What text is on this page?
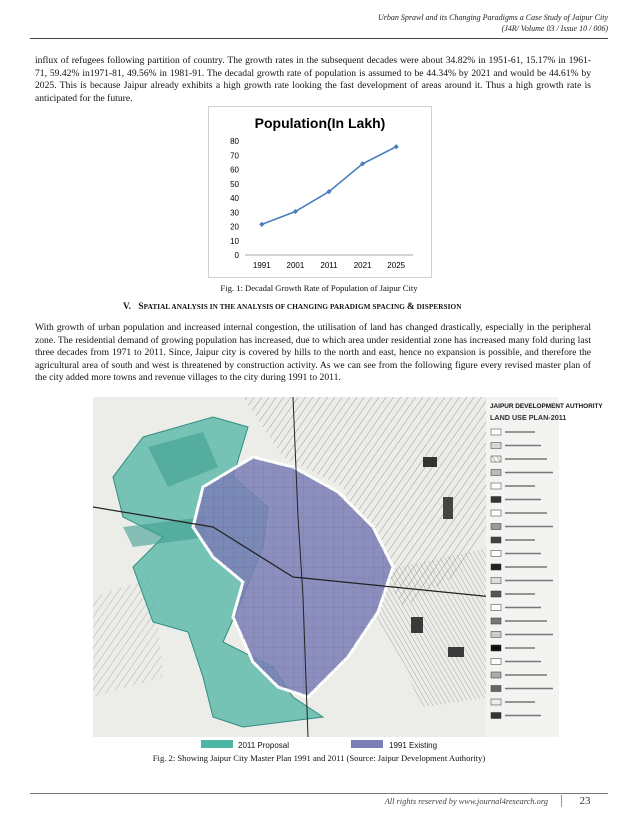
Urban Sprawl and its Changing Paradigms a Case Study of Jaipur City
(J4R/ Volume 03 / Issue 10 / 006)

influx of refugees following partition of country. The growth rates in the subsequent decades were about 34.82% in 1951-61, 15.17% in 1961-71, 59.42% in1971-81, 49.56% in 1981-91. The decadal growth rate of population is assumed to be 44.34% by 2021 and would be 44.61% by 2025. This is because Jaipur already exhibits a high growth rate looking the fast development of areas around it. Thus a high growth rate is anticipated for the future.

Population(In Lakh)
0
10
20
30
40
50
60
70
80
1991 2001 2011 2021 2025
Fig. 1: Decadal Growth Rate of Population of Jaipur City
V. SPATIAL ANALYSIS IN THE ANALYSIS OF CHANGING PARADIGM SPACING & DISPERSION

With growth of urban population and increased internal congestion, the utilisation of land has changed drastically, especially in the peripheral zone. The residential demand of growing population has increased, due to which area under residential zone has increased many fold during last three decades from 1971 to 2011. Since, Jaipur city is covered by hills to the north and east, hence no expansion is possible, and therefore the agricultural area of south and west is threatened by construction activity. As we can see from the following figure every revised master plan of the city added more towns and revenue villages to the city during 1991 to 2011.

JAIPUR DEVELOPMENT AUTHORITY
LAND USE PLAN-2011
2011 Proposal	1991 Existing
Fig. 2: Showing Jaipur City Master Plan 1991 and 2011 (Source: Jaipur Development Authority)
All rights reserved by www.journal4research.org	23
